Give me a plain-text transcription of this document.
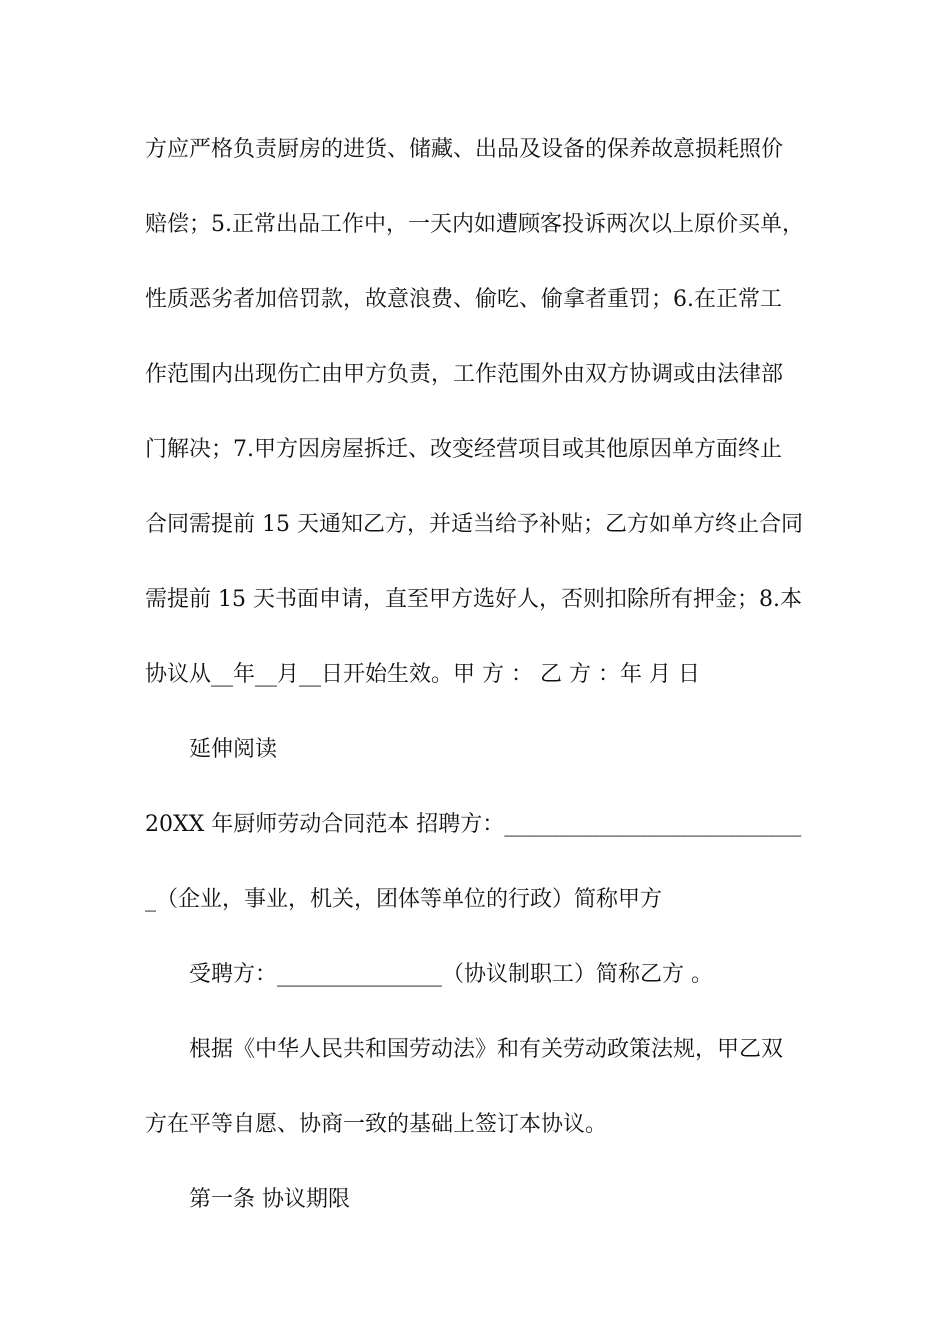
方应严格负责厨房的进货、储藏、出品及设备的保养故意损耗照价
赔偿；5.正常出品工作中，一天内如遭顾客投诉两次以上原价买单，
性质恶劣者加倍罚款，故意浪费、偷吃、偷拿者重罚；6.在正常工
作范围内出现伤亡由甲方负责，工作范围外由双方协调或由法律部
门解决；7.甲方因房屋拆迁、改变经营项目或其他原因单方面终止
合同需提前 15 天通知乙方，并适当给予补贴；乙方如单方终止合同
需提前 15 天书面申请，直至甲方选好人，否则扣除所有押金；8.本
协议从__年__月__日开始生效。甲 方 ： 乙 方 ：年 月 日
延伸阅读
20XX 年厨师劳动合同范本 招聘方：___________________________
_（企业，事业，机关，团体等单位的行政）简称甲方
受聘方：_______________（协议制职工）简称乙方 。
根据《中华人民共和国劳动法》和有关劳动政策法规，甲乙双
方在平等自愿、协商一致的基础上签订本协议。
第一条 协议期限
